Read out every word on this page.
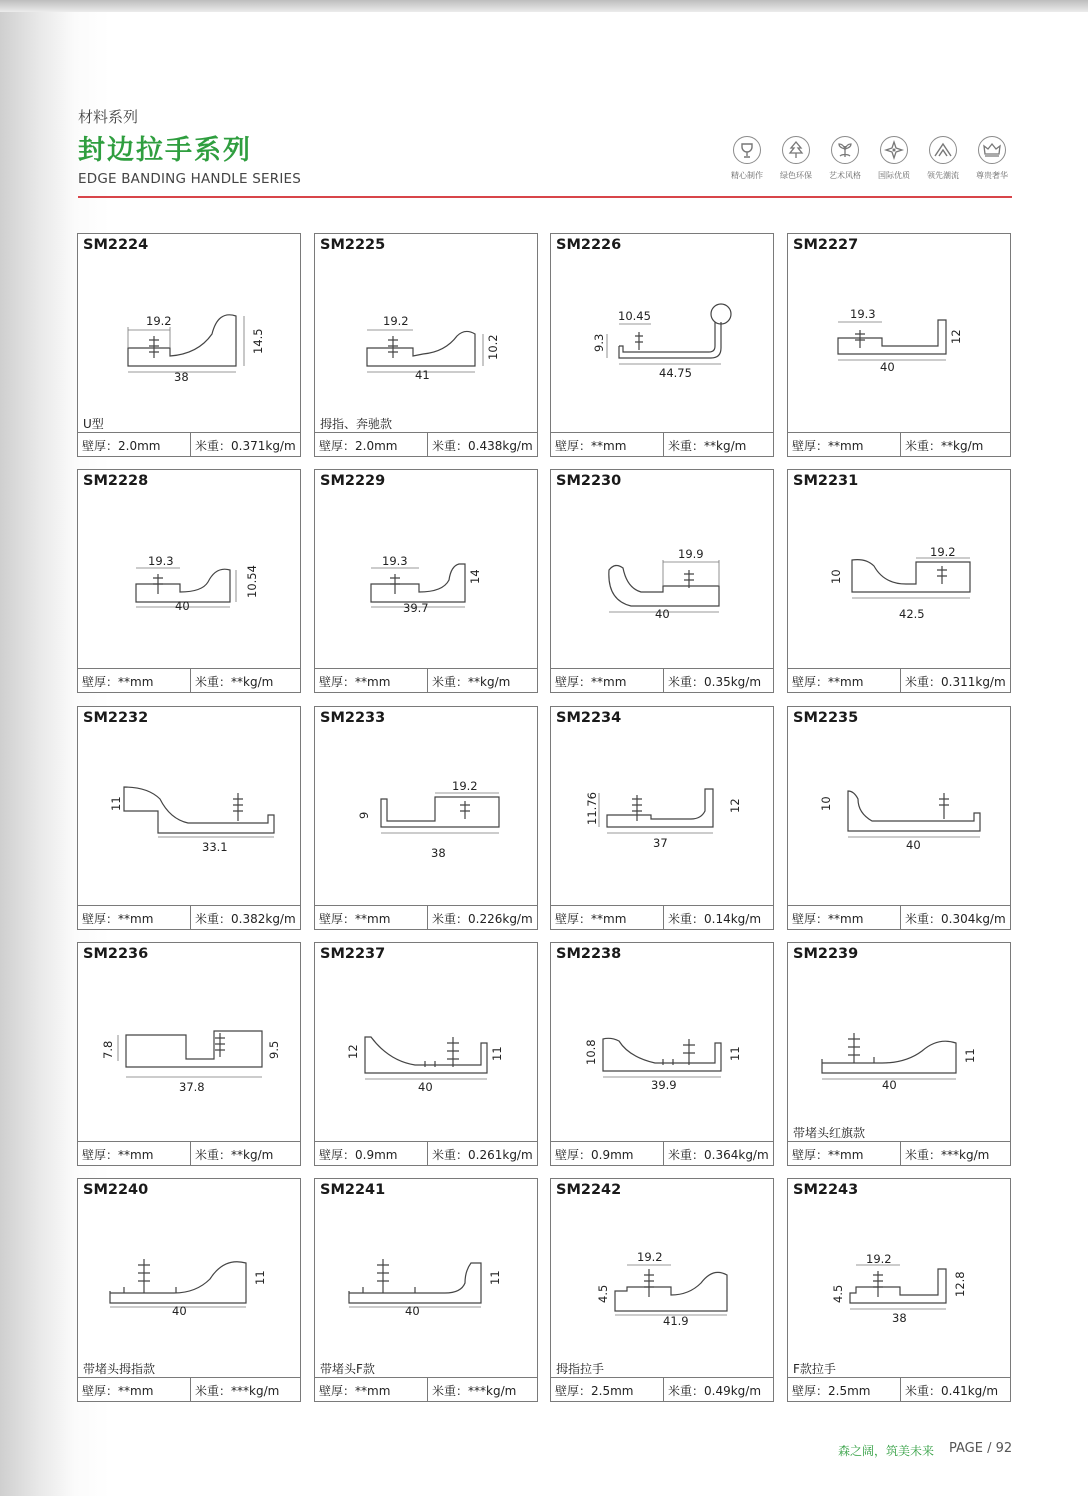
材料系列
封边拉手系列
EDGE BANDING HANDLE SERIES	精心制作	绿色环保	艺术风格	国际优质	领先潮流	尊贵奢华
SM2224
19.2
38
14.5
U型
壁厚：2.0mm	米重：0.371kg/m
SM2225
19.2
41
10.2
拇指、奔驰款
壁厚：2.0mm	米重：0.438kg/m
SM2226
10.45
44.75
9.3
壁厚：**mm	米重：**kg/m
SM2227
19.3
40
12
壁厚：**mm	米重：**kg/m
SM2228
19.3
40
10.54
壁厚：**mm	米重：**kg/m
SM2229
19.3
39.7
14
壁厚：**mm	米重：**kg/m
SM2230
19.9
40
壁厚：**mm	米重：0.35kg/m
SM2231
19.2
42.5
10
壁厚：**mm	米重：0.311kg/m
SM2232
33.1
11
壁厚：**mm	米重：0.382kg/m
SM2233
19.2
38
9
壁厚：**mm	米重：0.226kg/m
SM2234
37
11.76	12
壁厚：**mm	米重：0.14kg/m
SM2235
40
10
壁厚：**mm	米重：0.304kg/m
SM2236
37.8
7.8	9.5
壁厚：**mm	米重：**kg/m
SM2237
40
12	11
壁厚：0.9mm	米重：0.261kg/m
SM2238
39.9
10.8	11
壁厚：0.9mm	米重：0.364kg/m
SM2239
40
11
带堵头红旗款
壁厚：**mm	米重：***kg/m
SM2240
40
11
带堵头拇指款
壁厚：**mm	米重：***kg/m
SM2241
40
11
带堵头F款
壁厚：**mm	米重：***kg/m
SM2242
19.2
41.9
4.5
拇指拉手
壁厚：2.5mm	米重：0.49kg/m
SM2243
19.2
38
4.5	12.8
F款拉手
壁厚：2.5mm	米重：0.41kg/m
森之阔，筑美未来 PAGE / 92
